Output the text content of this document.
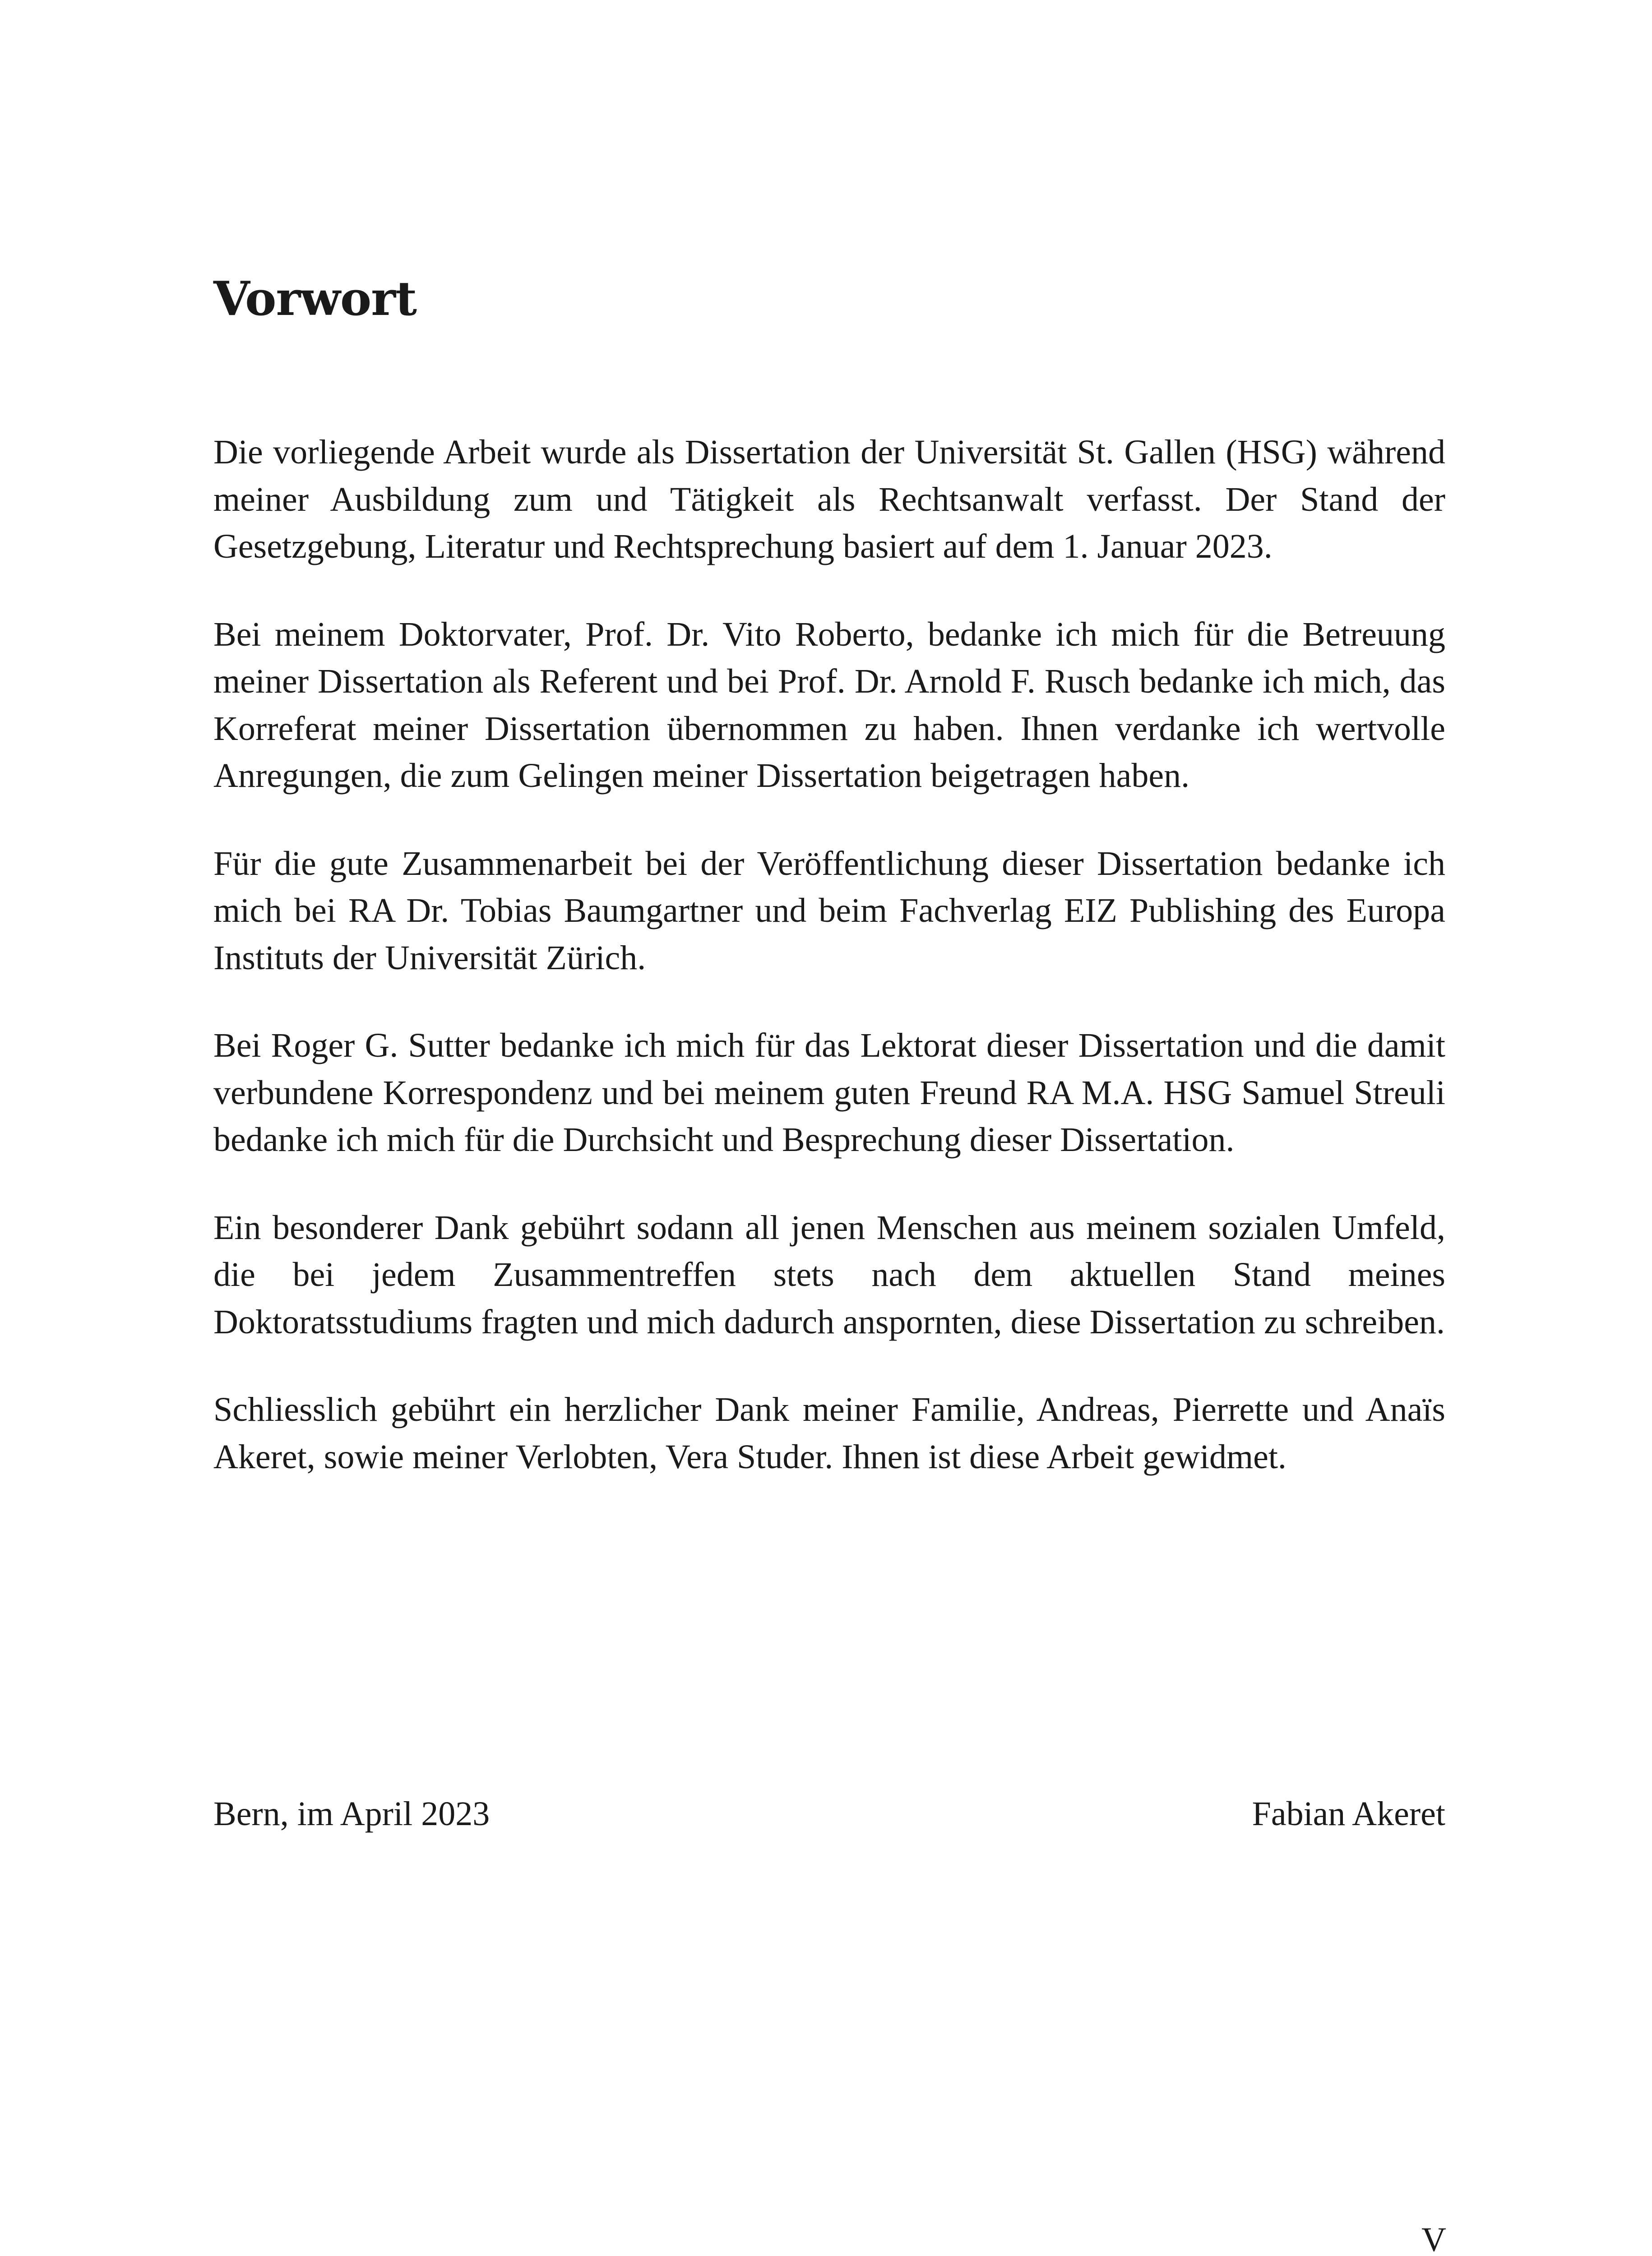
Vorwort

Die vorliegende Arbeit wurde als Dissertation der Universität St. Gallen (HSG) während meiner Ausbildung zum und Tätigkeit als Rechtsanwalt verfasst. Der Stand der Gesetzgebung, Literatur und Rechtsprechung basiert auf dem 1. Januar 2023.

Bei meinem Doktorvater, Prof. Dr. Vito Roberto, bedanke ich mich für die Betreuung meiner Dissertation als Referent und bei Prof. Dr. Arnold F. Rusch bedanke ich mich, das Korreferat meiner Dissertation übernommen zu haben. Ihnen verdanke ich wertvolle Anregungen, die zum Gelingen meiner Dissertation beigetragen haben.

Für die gute Zusammenarbeit bei der Veröffentlichung dieser Dissertation bedanke ich mich bei RA Dr. Tobias Baumgartner und beim Fachverlag EIZ Publishing des Europa Instituts der Universität Zürich.

Bei Roger G. Sutter bedanke ich mich für das Lektorat dieser Dissertation und die damit verbundene Korrespondenz und bei meinem guten Freund RA M.A. HSG Samuel Streuli bedanke ich mich für die Durchsicht und Besprechung dieser Dissertation.

Ein besonderer Dank gebührt sodann all jenen Menschen aus meinem sozialen Umfeld, die bei jedem Zusammentreffen stets nach dem aktuellen Stand meines Doktoratsstudiums fragten und mich dadurch anspornten, diese Dissertation zu schreiben.

Schliesslich gebührt ein herzlicher Dank meiner Familie, Andreas, Pierrette und Anaïs Akeret, sowie meiner Verlobten, Vera Studer. Ihnen ist diese Arbeit gewidmet.

Bern, im April 2023	Fabian Akeret
V
